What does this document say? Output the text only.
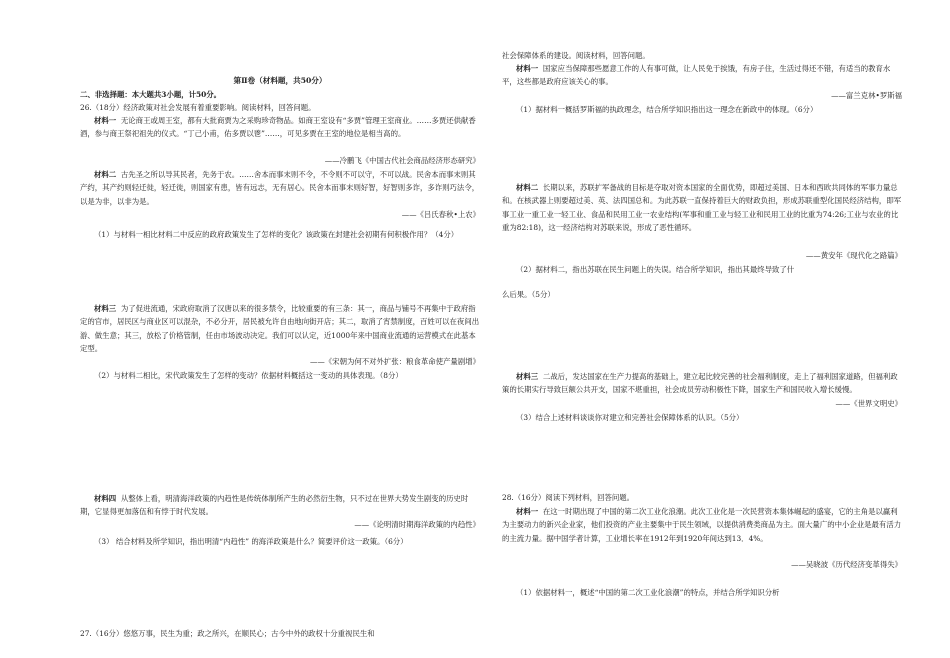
第Ⅱ卷（材料题，共50分）

二、非选择题：本大题共3小题，计50分。

26.（18分）经济政策对社会发展有着重要影响。阅读材料，回答问题。

材料一 无论商王或周王室，都有大批商贾为之采购珍奇物品。如商王室设有“多贾”管理王室商业。……多贾还供献香酒，参与商王祭祀祖先的仪式。“丁己小甫，佑多贾以鬯”……，可见多贾在王室的地位是相当高的。

——冷鹏飞《中国古代社会商品经济形态研究》

材料二 古先圣之所以导其民者，先务于农。……舍本而事末则不令，不令则不可以守，不可以战。民舍本而事末则其产约，其产约则轻迁徙，轻迁徙，则国家有患，皆有远志，无有居心。民舍本而事末则好智，好智则多诈，多诈则巧法令，以是为非，以非为是。

——《吕氏春秋•上农》

（1）与材料一相比材料二中反应的政府政策发生了怎样的变化？该政策在封建社会初期有何积极作用？（4分）

材料三 为了促进流通，宋政府取消了汉唐以来的很多禁令，比较重要的有三条：其一，商品与铺号不再集中于政府指定的官市，居民区与商业区可以混杂，不必分开，居民被允许自由地向街开店；其二，取消了宵禁制度，百姓可以在夜间出游、做生意；其三，放松了价格管制，任由市场波动决定。我们可以认定，近1000年来中国商业流通的运营模式在此基本定型。

——《宋朝为何不对外扩张：粮食革命使产量剧增》

（2）与材料二相比，宋代政策发生了怎样的变动？依据材料概括这一变动的具体表现。（8分）

材料四 从整体上看，明清海洋政策的内趋性是传统体制所产生的必然衍生物，只不过在世界大势发生剧变的历史时期，它显得更加落伍和有悖于时代发展。

——《论明清时期海洋政策的内趋性》

（3） 结合材料及所学知识，指出明清“内趋性” 的海洋政策是什么？简要评价这一政策。（6分）

27.（16分）悠悠万事，民生为重；政之所兴，在顺民心；古今中外的政权十分重视民生和

社会保障体系的建设。阅读材料，回答问题。

材料一 国家应当保障那些愿意工作的人有事可做，让人民免于挨饿，有房子住，生活过得还不错，有适当的教育水平，这些都是政府应该关心的事。

——富兰克林•罗斯福

（1）据材料一概括罗斯福的执政理念，结合所学知识指出这一理念在新政中的体现。（6分）

材料二 长期以来，苏联扩军备战的目标是夺取对资本国家的全面优势，即超过美国、日本和西欧共同体的军事力量总和。在核武器上则要超过美、英、法四国总和。为此苏联一直保持着巨大的财政负担，形成苏联重型化国民经济结构，即军事工业一重工业一轻工业、食品和民用工业一农业结构(军事和重工业与轻工业和民用工业的比重为74:26;工业与农业的比重为82:18)，这一经济结构对苏联来说，形成了恶性循环。

——黄安年《现代化之路篇》

（2）据材料二，指出苏联在民生问题上的失误。结合所学知识，指出其最终导致了什

么后果。（5分）

材料三 二战后，发达国家在生产力提高的基础上，建立起比较完善的社会福利制度，走上了福利国家道路，但福利政策的长期实行导致巨额公共开支，国家不堪重担，社会成员劳动积极性下降，国家生产和国民收入增长缓慢。

——《世界文明史》

（3）结合上述材料谈谈你对建立和完善社会保障体系的认识。（5分）

28.（16分）阅读下列材料，回答问题。

材料一 在这一时期出现了中国的第二次工业化浪潮。此次工业化是一次民营资本集体崛起的盛宴，它的主角是以赢利为主要动力的新兴企业家，他们投资的产业主要集中于民生领域，以提供消费类商品为主。面大量广的中小企业是最有活力的主流力量。据中国学者计算，工业增长率在1912年到1920年间达到13．4%。

——吴晓波《历代经济变革得失》

（1）依据材料一，概述“中国的第二次工业化浪潮”的特点，并结合所学知识分析
